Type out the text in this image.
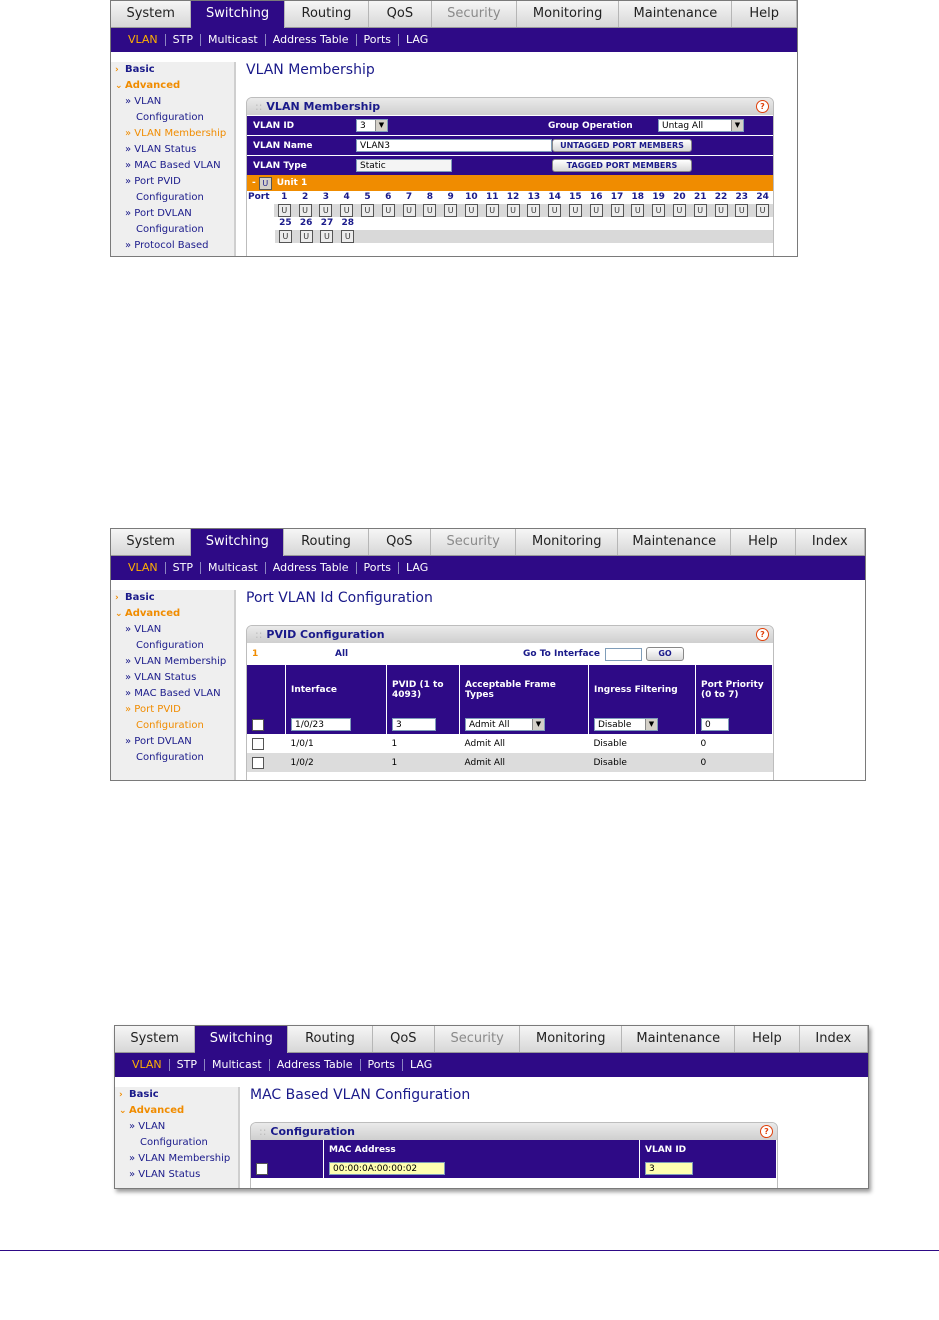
System	Switching	Routing	QoS	Security	Monitoring	Maintenance	Help
VLAN	STP	Multicast	Address Table	Ports	LAG
› Basic
⌄ Advanced
» VLAN
Configuration
» VLAN Membership
» VLAN Status
» MAC Based VLAN
» Port PVID
Configuration
» Port DVLAN
Configuration
» Protocol Based
VLAN Membership
:: VLAN Membership	?
VLAN ID	3	▼	Group Operation	Untag All	▼
VLAN Name	VLAN3	UNTAGGED PORT MEMBERS
VLAN Type	Static	TAGGED PORT MEMBERS
- U Unit 1
Port	1	2	3	4	5	6	7	8	9	10 11 12 13 14 15 16 17 18 19 20 21 22 23 24
U	U	U	U	U	U	U	U	U	U	U	U	U	U	U	U	U	U	U	U	U	U	U	U
25 26 27 28
U	U	U	U
System	Switching	Routing	QoS	Security	Monitoring	Maintenance	Help	Index
VLAN	STP	Multicast	Address Table	Ports	LAG
› Basic
⌄ Advanced
» VLAN
Configuration
» VLAN Membership
» VLAN Status
» MAC Based VLAN
» Port PVID
Configuration
» Port DVLAN
Configuration
Port VLAN Id Configuration
:: PVID Configuration	?
1	All	Go To Interface	GO
	Interface	PVID (1 to 4093)	Acceptable Frame Types	Ingress Filtering	Port Priority (0 to 7)

	1/0/23	3	Admit All ▼	Disable ▼	0

	1/0/1	1	Admit All	Disable	0
	1/0/2	1	Admit All	Disable	0
System	Switching	Routing	QoS	Security	Monitoring	Maintenance	Help	Index
VLAN	STP	Multicast	Address Table	Ports	LAG
› Basic
⌄ Advanced
» VLAN
Configuration
» VLAN Membership
» VLAN Status
MAC Based VLAN Configuration
:: Configuration	?
	MAC Address	VLAN ID

	00:00:0A:00:00:02	3
